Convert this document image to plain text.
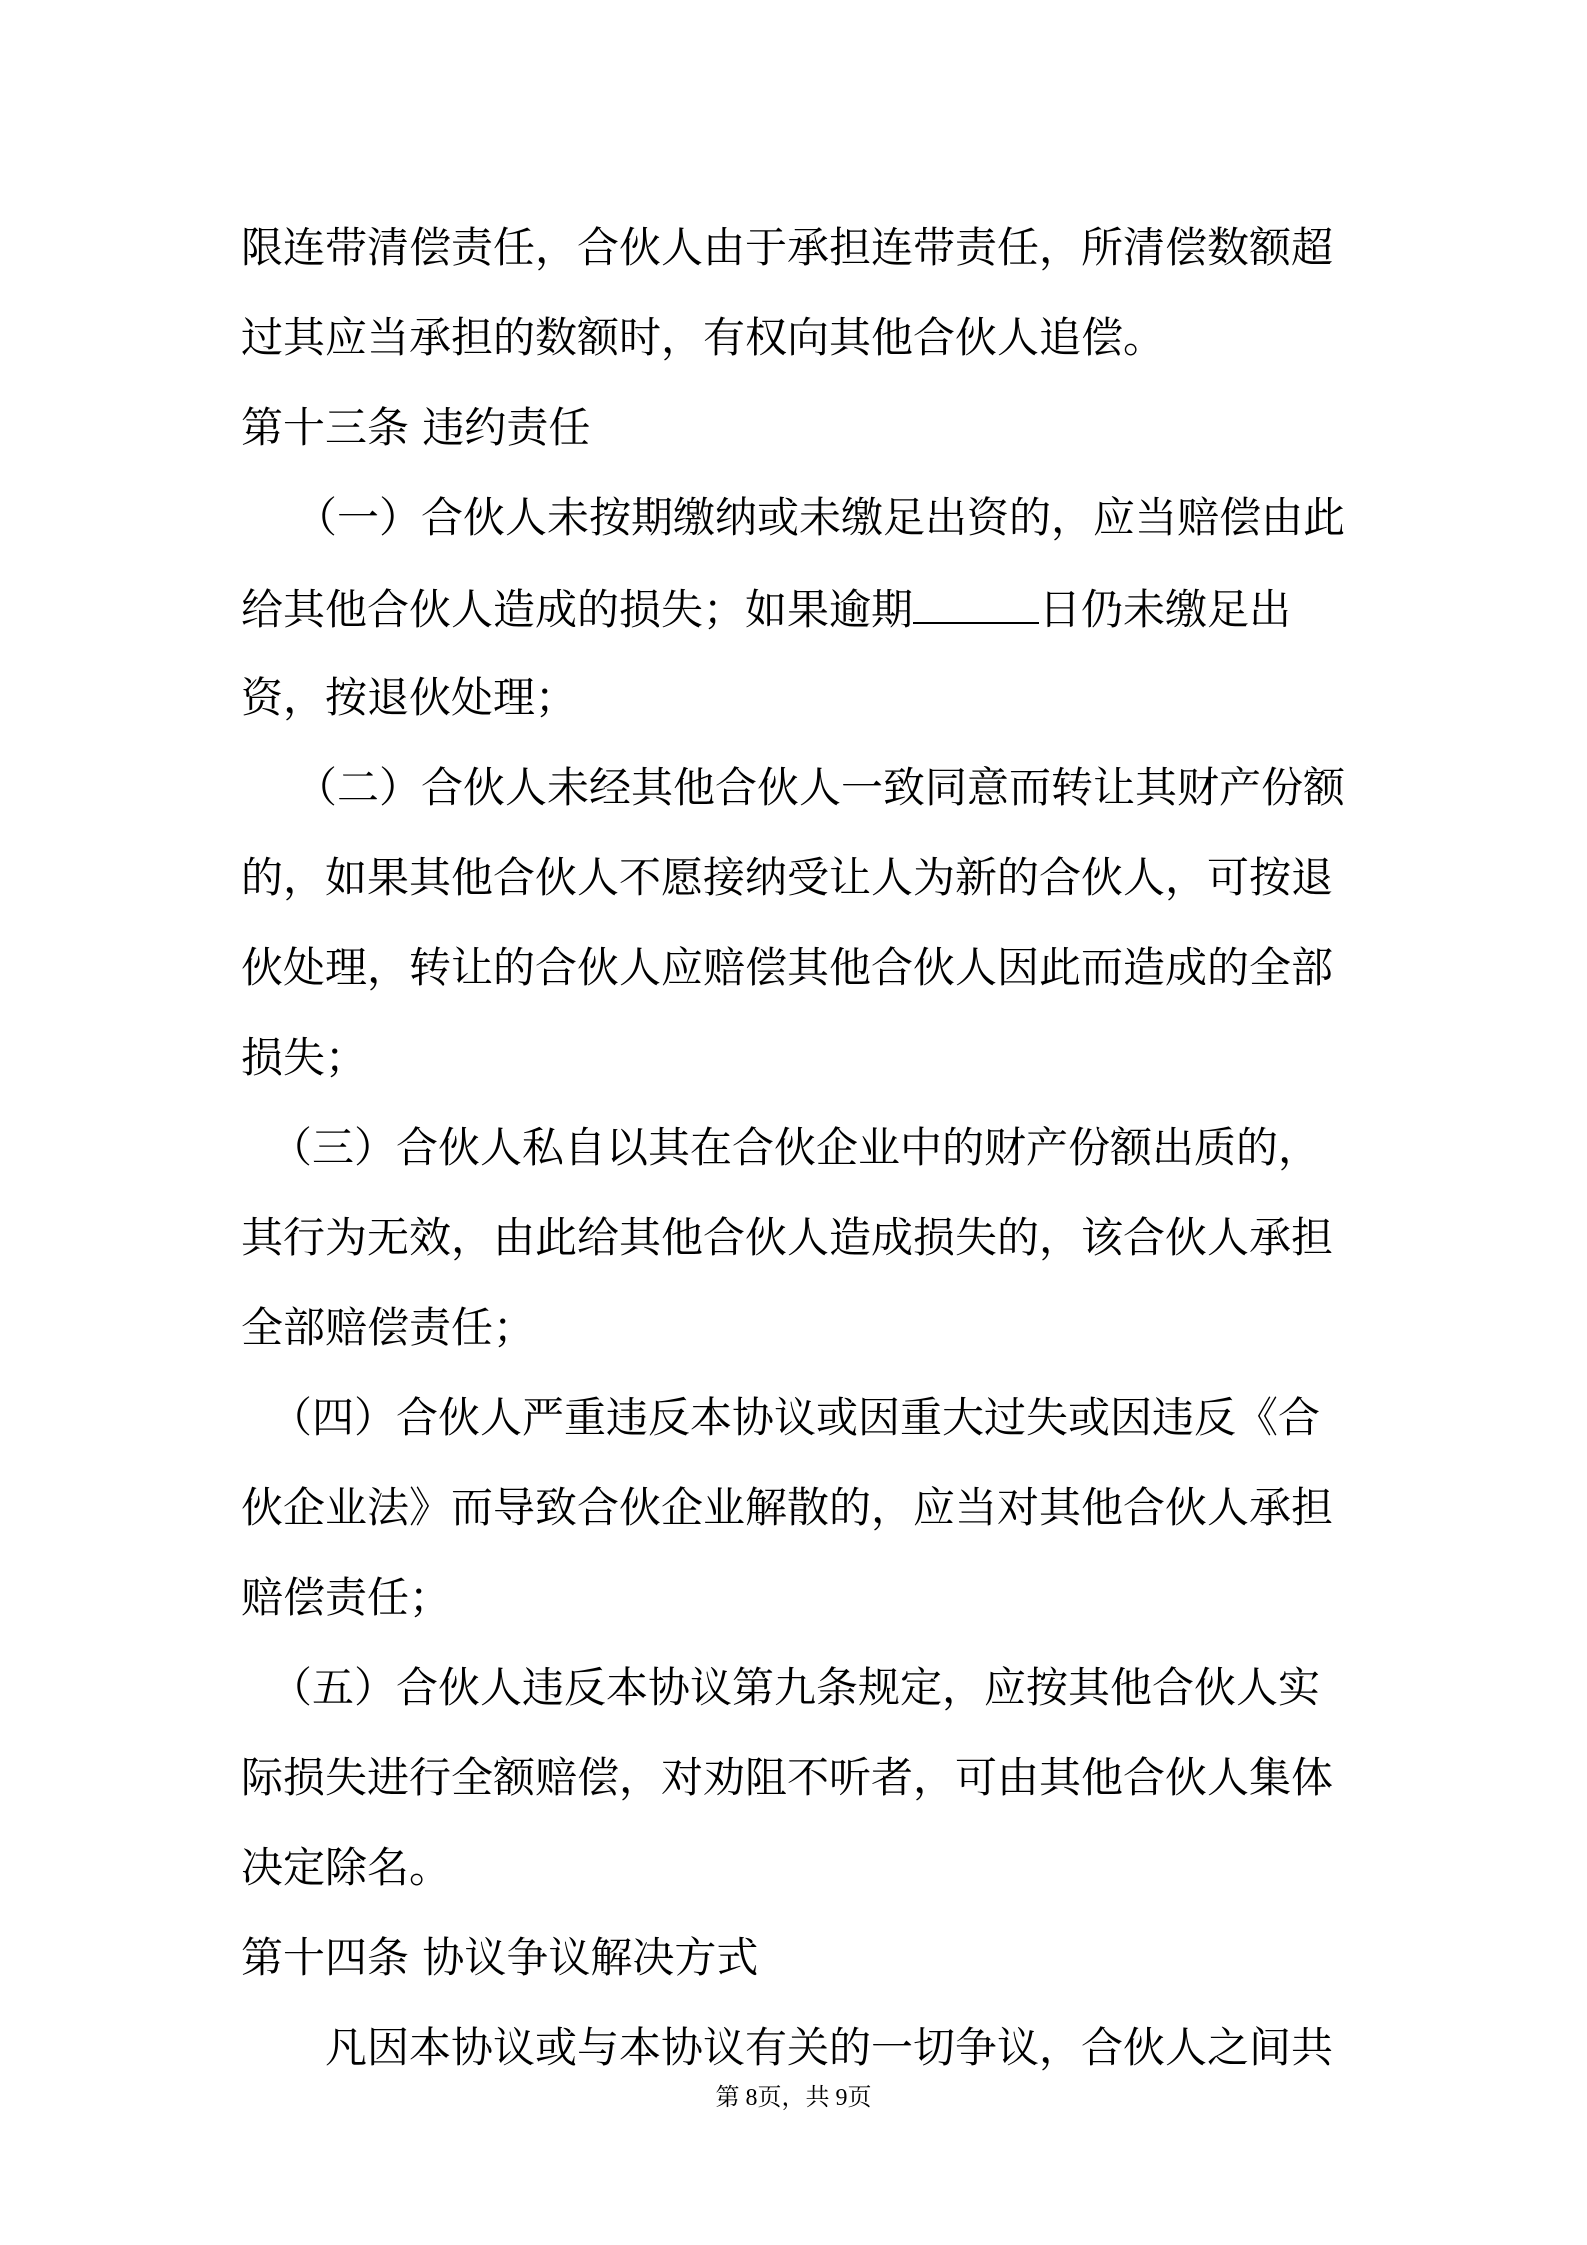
限连带清偿责任，合伙人由于承担连带责任，所清偿数额超
过其应当承担的数额时，有权向其他合伙人追偿。
第十三条 违约责任
（一）合伙人未按期缴纳或未缴足出资的，应当赔偿由此
给其他合伙人造成的损失；如果逾期	日仍未缴足出
资，按退伙处理；
（二）合伙人未经其他合伙人一致同意而转让其财产份额
的，如果其他合伙人不愿接纳受让人为新的合伙人，可按退
伙处理，转让的合伙人应赔偿其他合伙人因此而造成的全部
损失；
（三）合伙人私自以其在合伙企业中的财产份额出质的，
其行为无效，由此给其他合伙人造成损失的，该合伙人承担
全部赔偿责任；
（四）合伙人严重违反本协议或因重大过失或因违反《合
伙企业法》而导致合伙企业解散的，应当对其他合伙人承担
赔偿责任；
（五）合伙人违反本协议第九条规定，应按其他合伙人实
际损失进行全额赔偿，对劝阻不听者，可由其他合伙人集体
决定除名。
第十四条 协议争议解决方式
凡因本协议或与本协议有关的一切争议，合伙人之间共
第 8页，共 9页
